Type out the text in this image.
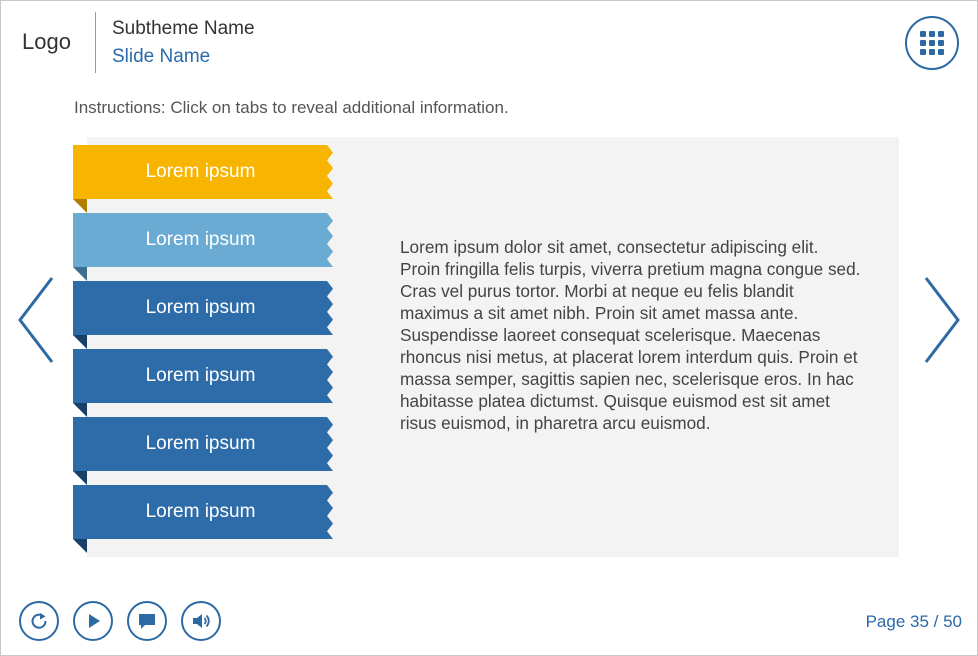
Logo
Subtheme Name
Slide Name
Instructions: Click on tabs to reveal additional information.
Lorem ipsum
Lorem ipsum
Lorem ipsum
Lorem ipsum
Lorem ipsum
Lorem ipsum
Lorem ipsum dolor sit amet, consectetur adipiscing elit. Proin fringilla felis turpis, viverra pretium magna congue sed. Cras vel purus tortor. Morbi at neque eu felis blandit maximus a sit amet nibh. Proin sit amet massa ante. Suspendisse laoreet consequat scelerisque. Maecenas rhoncus nisi metus, at placerat lorem interdum quis. Proin et massa semper, sagittis sapien nec, scelerisque eros. In hac habitasse platea dictumst. Quisque euismod est sit amet risus euismod, in pharetra arcu euismod.
Page 35 / 50
